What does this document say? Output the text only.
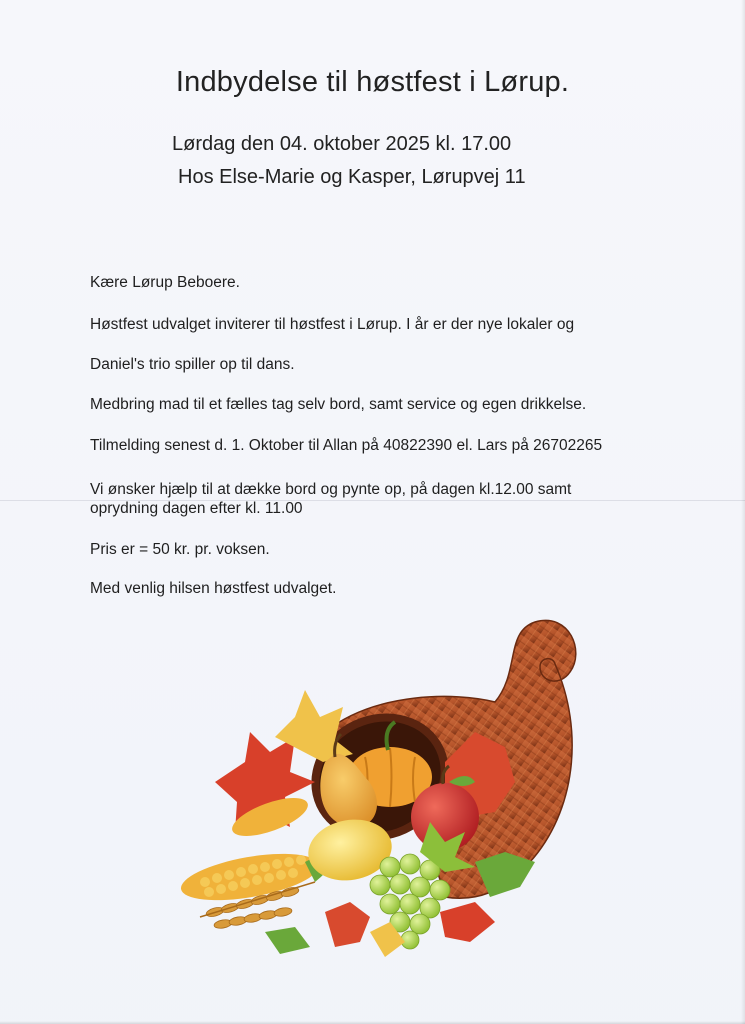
Indbydelse til høstfest i Lørup.
Lørdag den 04. oktober 2025 kl. 17.00
Hos Else-Marie og Kasper, Lørupvej 11
Kære Lørup Beboere.
Høstfest udvalget inviterer til høstfest i Lørup. I år er der nye lokaler og
Daniel's trio spiller op til dans.
Medbring mad til et fælles tag selv bord, samt service og egen drikkelse.
Tilmelding senest d. 1. Oktober til Allan på 40822390 el. Lars på 26702265
Vi ønsker hjælp til at dække bord og pynte op, på dagen kl.12.00 samt
oprydning dagen efter kl. 11.00
Pris er = 50 kr. pr. voksen.
Med venlig hilsen høstfest udvalget.
